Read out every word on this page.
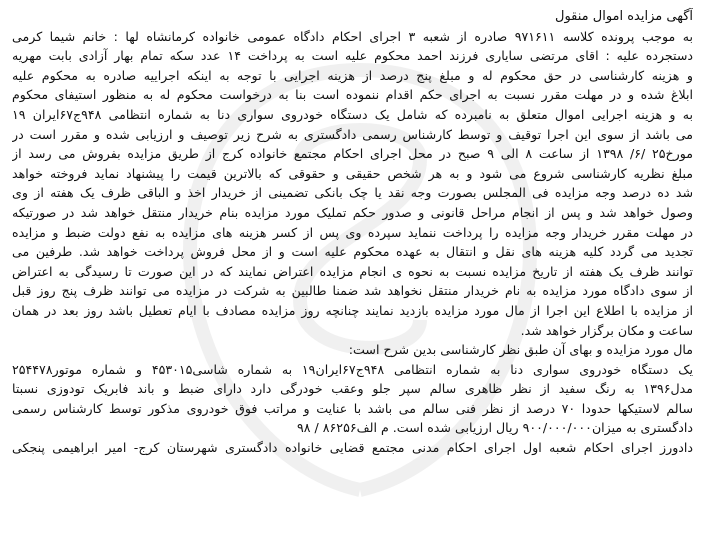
آگهی مزایده اموال منقول
به موجب پرونده کلاسه ۹۷۱۶۱۱ صادره از شعبه ۳ اجرای احکام دادگاه عمومی خانواده کرمانشاه لها : خانم شیما کرمی
دستجرده علیه : اقای مرتضی سایاری فرزند احمد محکوم علیه است به پرداخت ۱۴ عدد سکه تمام بهار آزادی بابت مهریه
و هزینه کارشناسی در حق محکوم له و مبلغ پنج درصد از هزینه اجرایی با توجه به اینکه اجراییه صادره به محکوم علیه
ابلاغ شده و در مهلت مقرر نسبت به اجرای حکم اقدام ننموده است بنا به درخواست محکوم له به منظور استیفای محکوم
به و هزینه اجرایی اموال متعلق به نامبرده که شامل یک دستگاه خودروی سواری دنا به شماره انتظامی ۹۴۸ج۶۷ایران ۱۹
می باشد از سوی این اجرا توقیف و توسط کارشناس رسمی دادگستری به شرح زیر توصیف و ارزیابی شده و مقرر است در
مورخ۲۵ /۶/ ۱۳۹۸ از ساعت ۸ الی ۹ صبح در محل اجرای احکام مجتمع خانواده کرج از طریق مزایده بفروش می رسد از
مبلغ نظریه کارشناسی شروع می شود و به هر شخص حقیقی و حقوقی که بالاترین قیمت را پیشنهاد نماید فروخته خواهد
شد ده درصد وجه مزایده فی المجلس بصورت وجه نقد یا چک بانکی تضمینی از خریدار اخذ و الباقی ظرف یک هفته از وی
وصول خواهد شد و پس از انجام مراحل قانونی و صدور حکم تملیک مورد مزایده بنام خریدار منتقل خواهد شد در صورتیکه
در مهلت مقرر خریدار وجه مزایده را پرداخت ننماید سپرده وی پس از کسر هزینه های مزایده به نفع دولت ضبط و مزایده
تجدید می گردد کلیه هزینه های نقل و انتقال به عهده محکوم علیه است و از محل فروش پرداخت خواهد شد. طرفین می
توانند ظرف یک هفته از تاریخ مزایده نسبت به نحوه ی انجام مزایده اعتراض نمایند که در این صورت تا رسیدگی به اعتراض
از سوی دادگاه مورد مزایده به نام خریدار منتقل نخواهد شد ضمنا طالبین به شرکت در مزایده می توانند ظرف پنج روز قبل
از مزایده با اطلاع این اجرا از مال مورد مزایده بازدید نمایند چنانچه روز مزایده مصادف با ایام تعطیل باشد روز بعد در همان
ساعت و مکان برگزار خواهد شد.
مال مورد مزایده و بهای آن طبق نظر کارشناسی بدین شرح است:
یک دستگاه خودروی سواری دنا به شماره انتظامی ۹۴۸ج۶۷ایران۱۹ به شماره شاسی۴۵۳۰۱۵ و شماره موتور۲۵۴۴۷۸
مدل۱۳۹۶ به رنگ سفید از نظر ظاهری سالم سپر جلو وعقب خودرگی دارد دارای ضبط و باند فابریک تودوزی نسبتا
سالم لاستیکها حدودا ۷۰ درصد از نظر فنی سالم می باشد با عنایت و مراتب فوق خودروی مذکور توسط کارشناس رسمی
دادگستری به میزان۹۰۰/۰۰۰/۰۰۰ ریال ارزیابی شده است. م الف۸۶۲۵۶ / ۹۸
دادورز اجرای احکام شعبه اول اجرای احکام مدنی مجتمع قضایی خانواده دادگستری شهرستان کرج- امیر ابراهیمی پنجکی
